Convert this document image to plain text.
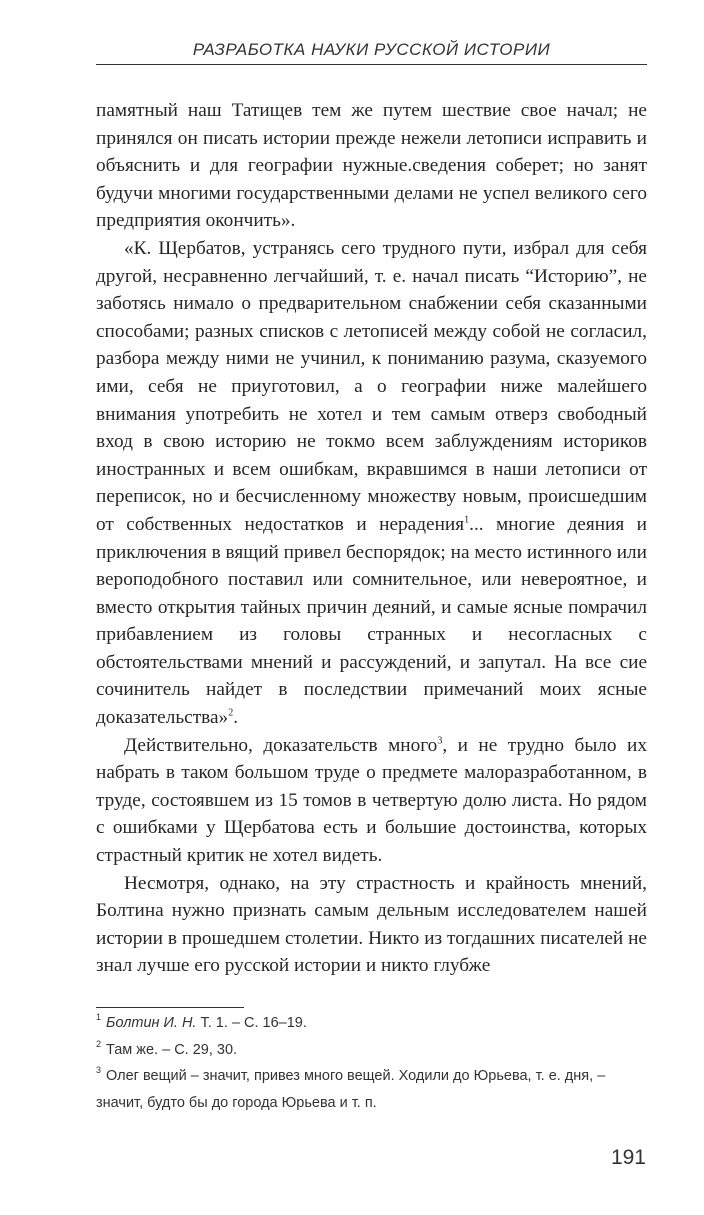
РАЗРАБОТКА НАУКИ РУССКОЙ ИСТОРИИ

памятный наш Татищев тем же путем шествие свое начал; не принялся он писать истории прежде нежели летописи исправить и объяснить и для географии нужные.сведения соберет; но занят будучи многими государственными делами не успел великого сего предприятия окончить».

«К. Щербатов, устранясь сего трудного пути, избрал для себя другой, несравненно легчайший, т. е. начал писать “Историю”, не заботясь нимало о предварительном снабжении себя сказанными способами; разных списков с летописей между собой не согласил, разбора между ними не учинил, к пониманию разума, сказуемого ими, себя не приуготовил, а о географии ниже малейшего внимания употребить не хотел и тем самым отверз свободный вход в свою историю не токмо всем заблуждениям историков иностранных и всем ошибкам, вкравшимся в наши летописи от переписок, но и бесчисленному множеству новым, происшедшим от собственных недостатков и нерадения$^1$... многие деяния и приключения в вящий привел беспорядок; на место истинного или вероподобного поставил или сомнительное, или невероятное, и вместо открытия тайных причин деяний, и самые ясные помрачил прибавлением из головы странных и несогласных с обстоятельствами мнений и рассуждений, и запутал. На все сие сочинитель найдет в последствии примечаний моих ясные доказательства»$^2$.

Действительно, доказательств много$^3$, и не трудно было их набрать в таком большом труде о предмете малоразработанном, в труде, состоявшем из 15 томов в четвертую долю листа. Но рядом с ошибками у Щербатова есть и большие достоинства, которых страстный критик не хотел видеть.

Несмотря, однако, на эту страстность и крайность мнений, Болтина нужно признать самым дельным исследователем нашей истории в прошедшем столетии. Никто из тогдашних писателей не знал лучше его русской истории и никто глубже

$^1$ Болтин И. Н. Т. 1. – С. 16–19.

$^2$ Там же. – С. 29, 30.

$^3$ Олег вещий – значит, привез много вещей. Ходили до Юрьева, т. е. дня, – значит, будто бы до города Юрьева и т. п.

191
